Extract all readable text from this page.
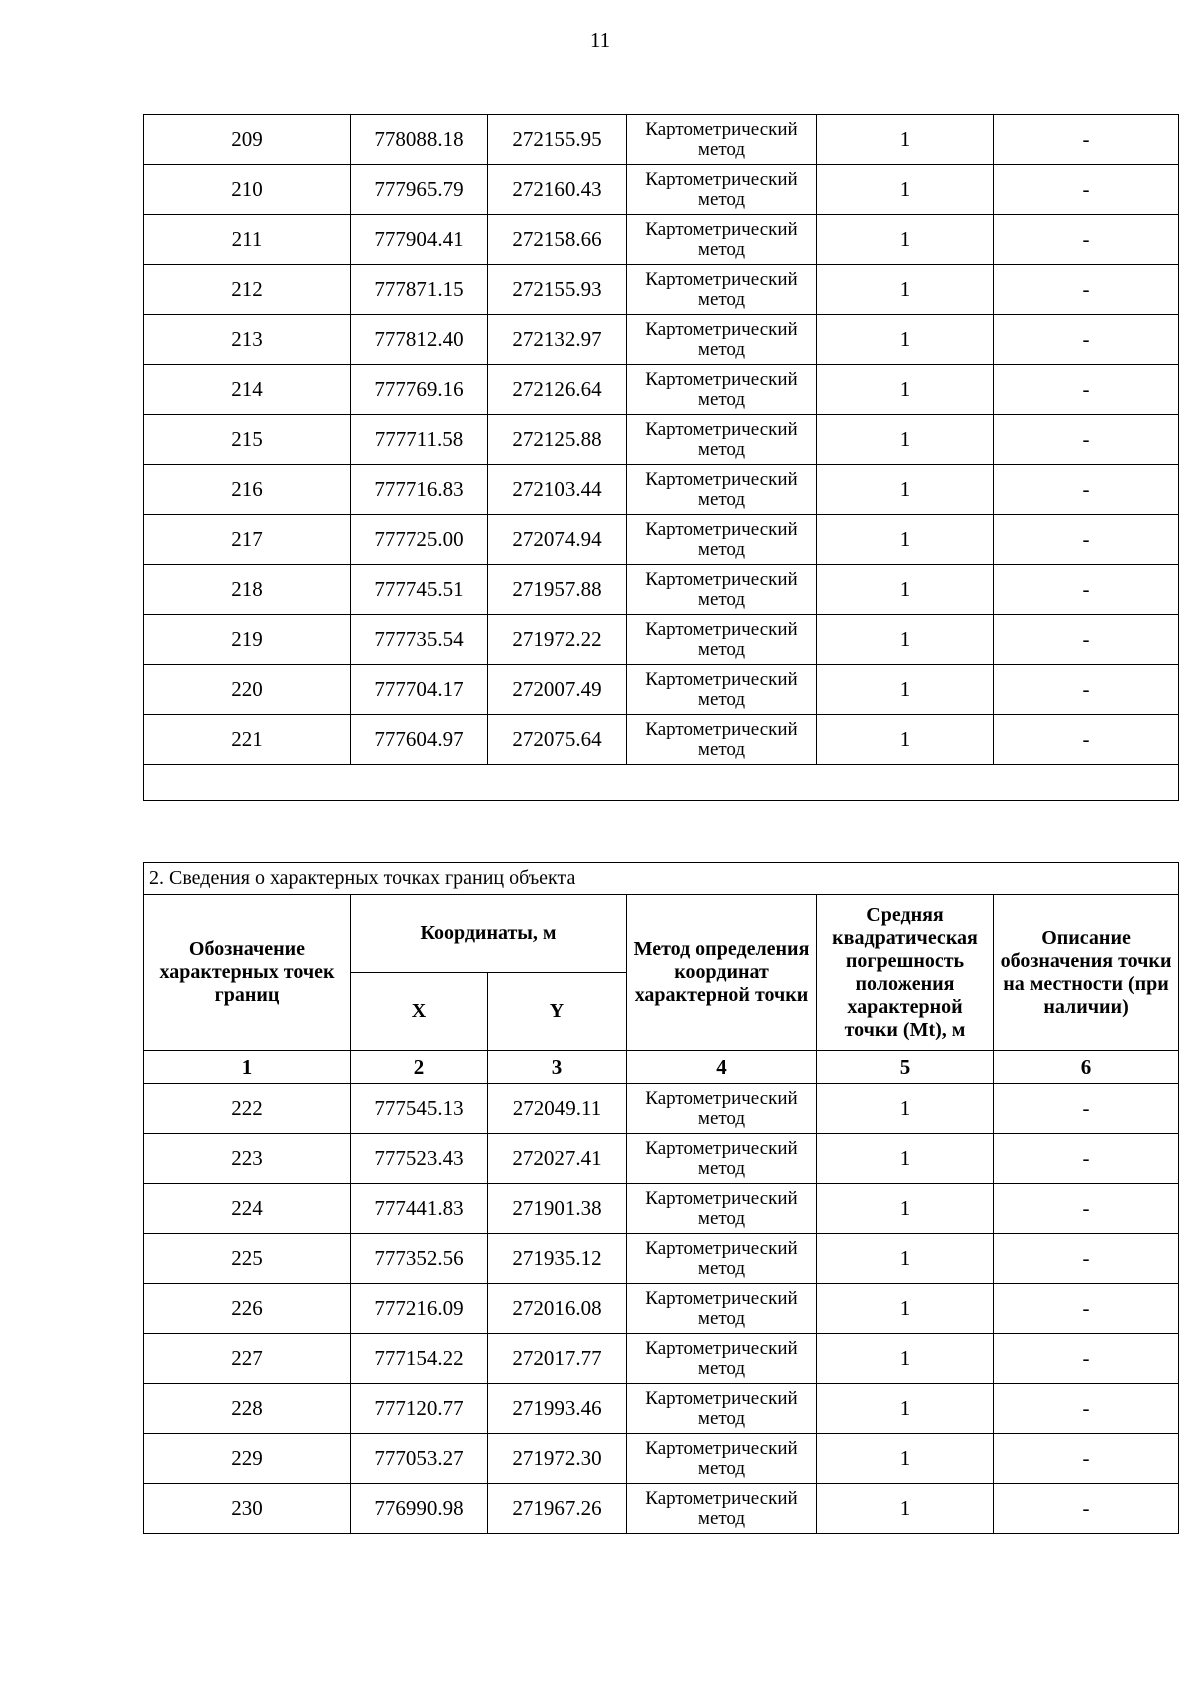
11
209	778088.18	272155.95	Картометрический метод	1	-
210	777965.79	272160.43	Картометрический метод	1	-
211	777904.41	272158.66	Картометрический метод	1	-
212	777871.15	272155.93	Картометрический метод	1	-
213	777812.40	272132.97	Картометрический метод	1	-
214	777769.16	272126.64	Картометрический метод	1	-
215	777711.58	272125.88	Картометрический метод	1	-
216	777716.83	272103.44	Картометрический метод	1	-
217	777725.00	272074.94	Картометрический метод	1	-
218	777745.51	271957.88	Картометрический метод	1	-
219	777735.54	271972.22	Картометрический метод	1	-
220	777704.17	272007.49	Картометрический метод	1	-
221	777604.97	272075.64	Картометрический метод	1	-

2. Сведения о характерных точках границ объекта					
Обозначение характерных точек границ	Координаты, м		Метод определения координат характерной точки	Средняя квадратическая погрешность положения характерной точки (Mt), м	Описание обозначения точки на местности (при наличии)
	X	Y			
1	2	3	4	5	6
222	777545.13	272049.11	Картометрический метод	1	-
223	777523.43	272027.41	Картометрический метод	1	-
224	777441.83	271901.38	Картометрический метод	1	-
225	777352.56	271935.12	Картометрический метод	1	-
226	777216.09	272016.08	Картометрический метод	1	-
227	777154.22	272017.77	Картометрический метод	1	-
228	777120.77	271993.46	Картометрический метод	1	-
229	777053.27	271972.30	Картометрический метод	1	-
230	776990.98	271967.26	Картометрический метод	1	-
